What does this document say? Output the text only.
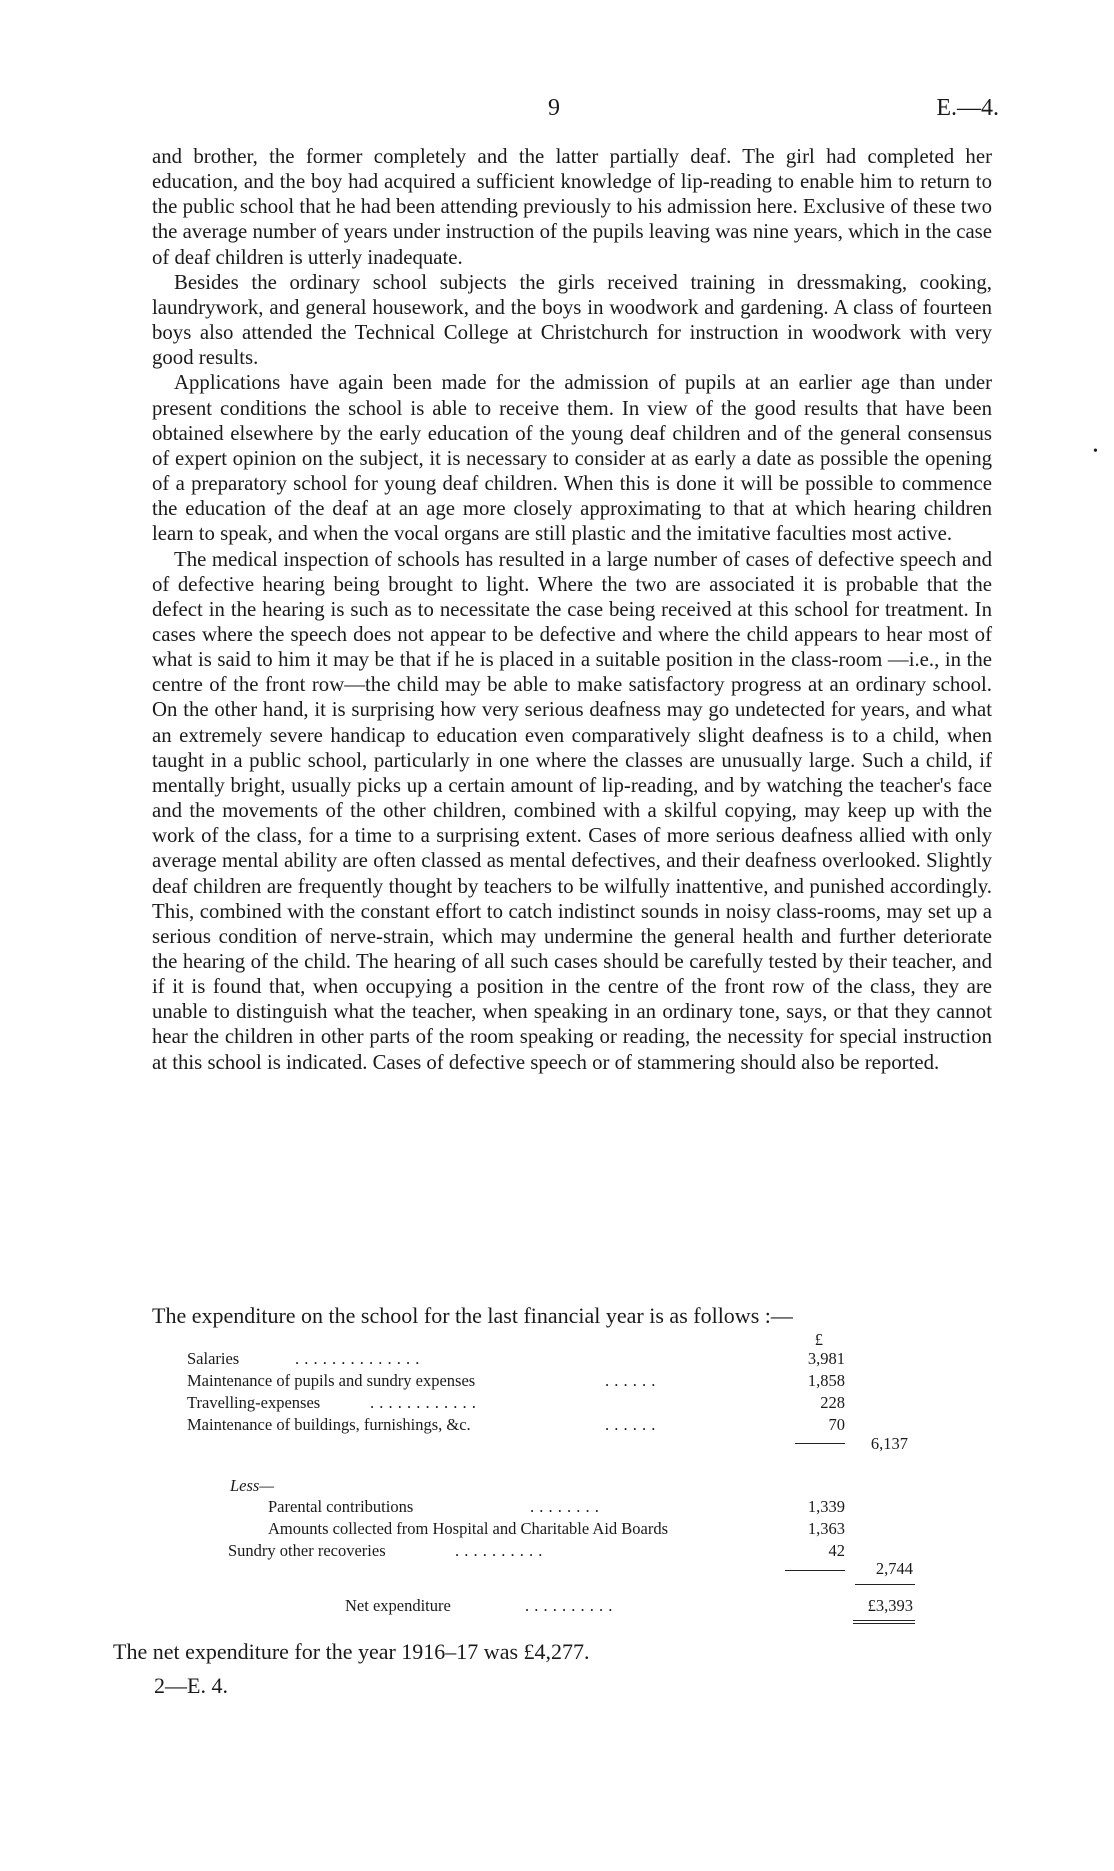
9	E.—4.
•

and brother, the former completely and the latter partially deaf. The girl had completed her education, and the boy had acquired a sufficient knowledge of lip-reading to enable him to return to the public school that he had been attending previously to his admission here. Exclusive of these two the average number of years under instruction of the pupils leaving was nine years, which in the case of deaf children is utterly inadequate.

Besides the ordinary school subjects the girls received training in dressmaking, cooking, laundrywork, and general housework, and the boys in woodwork and gardening. A class of fourteen boys also attended the Technical College at Christchurch for instruction in woodwork with very good results.

Applications have again been made for the admission of pupils at an earlier age than under present conditions the school is able to receive them. In view of the good results that have been obtained elsewhere by the early education of the young deaf children and of the general consensus of expert opinion on the subject, it is necessary to consider at as early a date as possible the opening of a preparatory school for young deaf children. When this is done it will be possible to commence the education of the deaf at an age more closely approximating to that at which hearing children learn to speak, and when the vocal organs are still plastic and the imitative faculties most active.

The medical inspection of schools has resulted in a large number of cases of defective speech and of defective hearing being brought to light. Where the two are associated it is probable that the defect in the hearing is such as to necessitate the case being received at this school for treatment. In cases where the speech does not appear to be defective and where the child appears to hear most of what is said to him it may be that if he is placed in a suitable position in the class-room —i.e., in the centre of the front row—the child may be able to make satisfactory progress at an ordinary school. On the other hand, it is surprising how very serious deafness may go undetected for years, and what an extremely severe handicap to education even comparatively slight deafness is to a child, when taught in a public school, particularly in one where the classes are unusually large. Such a child, if mentally bright, usually picks up a certain amount of lip-reading, and by watching the teacher's face and the movements of the other children, combined with a skilful copying, may keep up with the work of the class, for a time to a surprising extent. Cases of more serious deafness allied with only average mental ability are often classed as mental defectives, and their deafness overlooked. Slightly deaf children are frequently thought by teachers to be wilfully inattentive, and punished accordingly. This, combined with the constant effort to catch indistinct sounds in noisy class-rooms, may set up a serious condition of nerve-strain, which may undermine the general health and further deteriorate the hearing of the child. The hearing of all such cases should be carefully tested by their teacher, and if it is found that, when occupying a position in the centre of the front row of the class, they are unable to distinguish what the teacher, when speaking in an ordinary tone, says, or that they cannot hear the children in other parts of the room speaking or reading, the necessity for special instruction at this school is indicated. Cases of defective speech or of stammering should also be reported.

The expenditure on the school for the last financial year is as follows :—
£
Salaries	. . . . . . . . . . . . . .	3,981
Maintenance of pupils and sundry expenses	. . . . . .	1,858
Travelling-expenses	. . . . . . . . . . . .	228
Maintenance of buildings, furnishings, &c.	. . . . . .	70
6,137
Less—
Parental contributions	. . . . . . . .	1,339
Amounts collected from Hospital and Charitable Aid Boards	1,363
Sundry other recoveries	. . . . . . . . . .	42
2,744
Net expenditure	. . . . . . . . . .	£3,393
The net expenditure for the year 1916–17 was £4,277.
2—E. 4.
